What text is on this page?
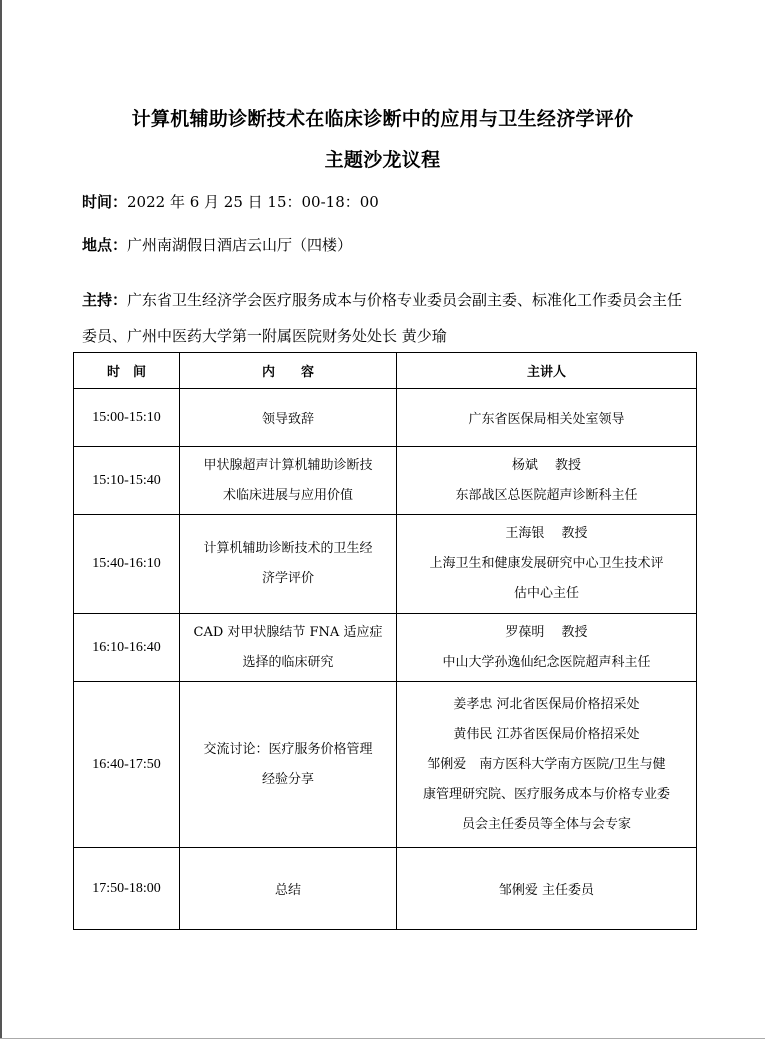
计算机辅助诊断技术在临床诊断中的应用与卫生经济学评价
主题沙龙议程
时间：2022 年 6 月 25 日 15：00-18：00
地点：广州南湖假日酒店云山厅（四楼）
主持：广东省卫生经济学会医疗服务成本与价格专业委员会副主委、标准化工作委员会主任委员、广州中医药大学第一附属医院财务处处长 黄少瑜
时　间	内　　容	主讲人
15:00-15:10	领导致辞	广东省医保局相关处室领导

15:10-15:40	甲状腺超声计算机辅助诊断技
术临床进展与应用价值	杨斌　 教授
东部战区总医院超声诊断科主任

15:40-16:10	计算机辅助诊断技术的卫生经
济学评价	王海银　 教授
上海卫生和健康发展研究中心卫生技术评
估中心主任

16:10-16:40	CAD 对甲状腺结节 FNA 适应症
选择的临床研究	罗葆明　 教授
中山大学孙逸仙纪念医院超声科主任

16:40-17:50	交流讨论：医疗服务价格管理
经验分享	姜孝忠 河北省医保局价格招采处
黄伟民 江苏省医保局价格招采处
邹俐爱　南方医科大学南方医院/卫生与健
康管理研究院、医疗服务成本与价格专业委
员会主任委员等全体与会专家

17:50-18:00	总结	邹俐爱 主任委员
